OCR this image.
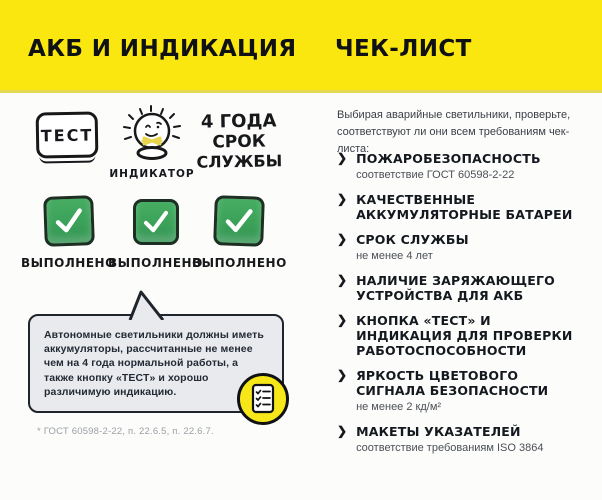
АКБ И ИНДИКАЦИЯ ЧЕК-ЛИСТ
ТЕСТ
ИНДИКАТОР
4 ГОДА
СРОК
СЛУЖБЫ
ВЫПОЛНЕНО
ВЫПОЛНЕНО
ВЫПОЛНЕНО
Автономные светильники должны иметь аккумуляторы, рассчитанные не менее чем на 4 года нормальной работы, а также кнопку «ТЕСТ» и хорошо различимую индикацию.
* ГОСТ 60598-2-22, п. 22.6.5, п. 22.6.7.
Выбирая аварийные светильники, проверьте, соответствуют ли они всем требованиям чек-листа:
❯ ПОЖАРОБЕЗОПАСНОСТЬ
соответствие ГОСТ 60598-2-22
❯ КАЧЕСТВЕННЫЕ АККУМУЛЯТОРНЫЕ БАТАРЕИ
❯ СРОК СЛУЖБЫ
не менее 4 лет
❯ НАЛИЧИЕ ЗАРЯЖАЮЩЕГО УСТРОЙСТВА ДЛЯ АКБ
❯ КНОПКА «ТЕСТ» И ИНДИКАЦИЯ ДЛЯ ПРОВЕРКИ РАБОТОСПОСОБНОСТИ
❯ ЯРКОСТЬ ЦВЕТОВОГО СИГНАЛА БЕЗОПАСНОСТИ
не менее 2 кд/м²
❯ МАКЕТЫ УКАЗАТЕЛЕЙ
соответствие требованиям ISO 3864
